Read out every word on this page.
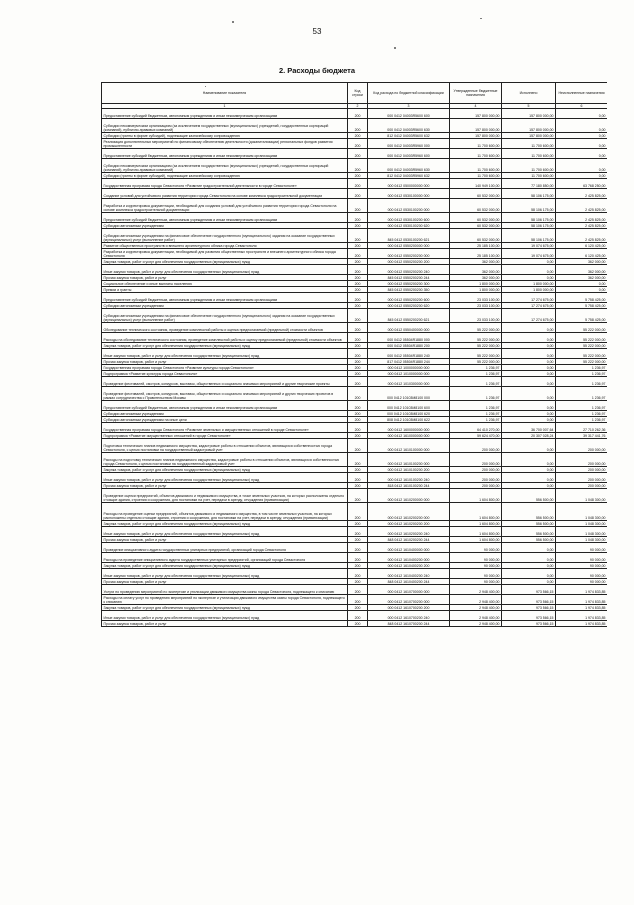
53
2. Расходы бюджета
Наименование показателя	Код строки	Код расхода по бюджетной классификации	Утвержденные бюджетные назначения	Исполнено	Неисполненные назначения
1	2	3	4	5	6
Предоставление субсидий бюджетным, автономным учреждениям и иным некоммерческим организациям	200	000 0412 04003R5600 600	157 800 000,00	157 800 000,00	0,00
Субсидии некоммерческим организациям (за исключением государственных (муниципальных) учреждений, государственных корпораций (компаний), публично-правовых компаний)	200	000 0412 04003R5600 630	157 800 000,00	157 800 000,00	0,00
Субсидии (гранты в форме субсидий), подлежащие казначейскому сопровождению	200	812 0412 04003R5600 632	157 800 000,00	157 800 000,00	0,00
Реализация дополнительных мероприятий по финансовому обеспечению деятельности (докапитализации) региональных фондов развития промышленности	200	000 0412 04003R5960 000	11 700 600,00	11 700 600,00	0,00
Предоставление субсидий бюджетным, автономным учреждениям и иным некоммерческим организациям	200	000 0412 04003R5960 600	11 700 600,00	11 700 600,00	0,00
Субсидии некоммерческим организациям (за исключением государственных (муниципальных) учреждений, государственных корпораций (компаний), публично-правовых компаний)	200	000 0412 04003R5960 630	11 700 600,00	11 700 600,00	0,00
Субсидии (гранты в форме субсидий), подлежащие казначейскому сопровождению	200	812 0412 04003R5960 632	11 700 600,00	11 700 600,00	0,00
Государственная программа города Севастополя «Развитие градостроительной деятельности в городе Севастополе»	200	000 0412 0500000000 000	140 949 100,00	77 180 850,00	63 768 250,00
Создание условий для устойчивого развития территории города Севастополя на основе комплекса градостроительной документации	200	000 0412 0530100000 000	60 532 000,00	58 106 175,00	2 425 825,00
Разработка и корректировка документации, необходимой для создания условий для устойчивого развития территории города Севастополя на основе комплекса градостроительной документации	200	000 0412 0530100200 000	60 532 000,00	58 106 175,00	2 425 825,00
Предоставление субсидий бюджетным, автономным учреждениям и иным некоммерческим организациям	200	000 0412 0530100200 600	60 532 000,00	58 106 175,00	2 425 825,00
Субсидии автономным учреждениям	200	000 0412 0530100200 620	60 532 000,00	58 106 175,00	2 425 825,00
Субсидии автономным учреждениям на финансовое обеспечение государственного (муниципального) задания на оказание государственных (муниципальных) услуг (выполнение работ)	200	845 0412 0530100200 621	60 532 000,00	58 106 175,00	2 425 825,00
Развитие общественных пространств и внешнего архитектурного облика города Севастополя	200	000 0412 0550200000 000	25 185 100,00	19 074 675,00	6 120 425,00
Разработка и корректировка документации, необходимой для развития общественных пространств и внешнего архитектурного облика города Севастополя	200	000 0412 0550200200 000	25 185 100,00	19 074 675,00	6 120 425,00
Закупка товаров, работ и услуг для обеспечения государственных (муниципальных) нужд	200	000 0412 0550200200 200	362 000,00	0,00	362 000,00
Иные закупки товаров, работ и услуг для обеспечения государственных (муниципальных) нужд	200	000 0412 0550200200 240	362 000,00	0,00	362 000,00
Прочая закупка товаров, работ и услуг	200	845 0412 0550200200 244	362 000,00	0,00	362 000,00
Социальное обеспечение и иные выплаты населению	200	000 0412 0550200200 300	1 800 000,00	1 800 000,00	0,00
Премии и гранты	200	845 0412 0550200200 350	1 800 000,00	1 800 000,00	0,00
Предоставление субсидий бюджетным, автономным учреждениям и иным некоммерческим организациям	200	000 0412 0550200200 600	23 033 100,00	17 274 675,00	5 758 425,00
Субсидии автономным учреждениям	200	000 0412 0550200200 620	23 033 100,00	17 274 675,00	5 758 425,00
Субсидии автономным учреждениям на финансовое обеспечение государственного (муниципального) задания на оказание государственных (муниципальных) услуг (выполнение работ)	200	845 0412 0550200200 621	23 033 100,00	17 274 675,00	5 758 425,00
Обследование технического состояния, проведение комплексной работы и оценка предполагаемой (предельной) стоимости объектов	200	000 0412 0550400000 000	55 222 000,00	0,00	55 222 000,00
Расходы на обследование технического состояния, проведение комплексной работы и оценку предполагаемой (предельной) стоимости объектов	200	000 0412 05504R1880 000	55 222 000,00	0,00	55 222 000,00
Закупка товаров, работ и услуг для обеспечения государственных (муниципальных) нужд	200	000 0412 05504R1880 200	55 222 000,00	0,00	55 222 000,00
Иные закупки товаров, работ и услуг для обеспечения государственных (муниципальных) нужд	200	000 0412 05504R1880 240	55 222 000,00	0,00	55 222 000,00
Прочая закупка товаров, работ и услуг	200	817 0412 05504R1880 244	55 222 000,00	0,00	55 222 000,00
Государственная программа города Севастополя «Развитие культуры города Севастополя»	200	000 0412 1000000000 000	1 236,97	0,00	1 236,97
Подпрограмма «Развитие культуры города Севастополя»	200	000 0412 1010000000 000	1 236,97	0,00	1 236,97
Проведение фестивалей, смотров, конкурсов, выставок, общественных и социально значимых мероприятий и другие творческие проекты	200	000 0412 1010300000 000	1 236,97	0,00	1 236,97
Проведение фестивалей, смотров, конкурсов, выставок, общественных и социально значимых мероприятий и других творческих проектов в рамках сотрудничества с Правительством Москвы	200	000 0412 10103M8100 000	1 236,97	0,00	1 236,97
Предоставление субсидий бюджетным, автономным учреждениям и иным некоммерческим организациям	200	000 0412 10103M8100 600	1 236,97	0,00	1 236,97
Субсидии автономным учреждениям	200	000 0412 10103M8100 620	1 236,97	0,00	1 236,97
Субсидии автономным учреждениям на иные цели	200	808 0412 10103M8100 622	1 236,97	0,00	1 236,97
Государственная программа города Севастополя «Развитие земельных и имущественных отношений в городе Севастополе»	200	000 0412 1600000000 000	64 410 270,00	36 700 007,64	27 710 262,36
Подпрограмма «Развитие имущественных отношений в городе Севастополе»	200	000 0412 1610000000 000	59 624 470,00	20 307 028,24	39 317 441,76
Подготовка технических планов недвижимого имущества, кадастровые работы в отношении объектов, являющихся собственностью города Севастополя, с целью постановки на государственный кадастровый учет	200	000 0412 1610100000 000	200 000,00	0,00	200 000,00
Расходы на подготовку технических планов недвижимого имущества, кадастровые работы в отношении объектов, являющихся собственностью города Севастополя, с целью постановки на государственный кадастровый учет	200	000 0412 1610100200 000	200 000,00	0,00	200 000,00
Закупка товаров, работ и услуг для обеспечения государственных (муниципальных) нужд	200	000 0412 1610100200 200	200 000,00	0,00	200 000,00
Иные закупки товаров, работ и услуг для обеспечения государственных (муниципальных) нужд	200	000 0412 1610100200 240	200 000,00	0,00	200 000,00
Прочая закупка товаров, работ и услуг	200	818 0412 1610100200 244	200 000,00	0,00	200 000,00
Проведение оценки предприятий, объектов движимого и недвижимого имущества, в точке земельных участков, на которых расположены отдельно стоящие здания, строения и сооружения, для постановки на учет, передачи в аренду, отчуждения (приватизации)	200	000 0412 1610200000 000	1 604 800,00	556 500,00	1 048 300,00
Расходы на проведение оценки предприятий, объектов движимого и недвижимого имущества, в том числе земельных участков, на которых расположены отдельно стоящие здания, строения и сооружения, для постановки на учет, передачи в аренду, отчуждения (приватизации)	200	000 0412 1610200200 000	1 604 800,00	556 500,00	1 048 300,00
Закупка товаров, работ и услуг для обеспечения государственных (муниципальных) нужд	200	000 0412 1610200200 200	1 604 800,00	556 500,00	1 048 300,00
Иные закупки товаров, работ и услуг для обеспечения государственных (муниципальных) нужд	200	000 0412 1610200200 240	1 604 800,00	556 500,00	1 048 300,00
Прочая закупка товаров, работ и услуг	200	848 0412 1610200200 244	1 604 800,00	556 500,00	1 048 300,00
Проведение инициативного аудита государственных унитарных предприятий, организаций города Севастополя	200	000 0412 1610400000 000	90 000,00	0,00	90 000,00
Расходы на проведение инициативного аудита государственных унитарных предприятий, организаций города Севастополя	200	000 0412 1610400200 000	90 000,00	0,00	90 000,00
Закупка товаров, работ и услуг для обеспечения государственных (муниципальных) нужд	200	000 0412 1610400200 200	90 000,00	0,00	90 000,00
Иные закупки товаров, работ и услуг для обеспечения государственных (муниципальных) нужд	200	000 0412 1610400200 240	90 000,00	0,00	90 000,00
Прочая закупка товаров, работ и услуг	200	848 0412 1610400200 244	90 000,00	0,00	90 000,00
Услуги по проведению мероприятий по экспертизе и утилизации движимого имущества казны города Севастополя, подлежащего к списанию	200	000 0412 1610700000 000	2 948 400,00	973 566,15	1 974 833,85
Расходы на оплату услуг по проведению мероприятий по экспертизе и утилизации движимого имущества казны города Севастополя, подлежащего к списанию	200	000 0412 1610700200 000	2 948 400,00	973 566,15	1 974 833,85
Закупка товаров, работ и услуг для обеспечения государственных (муниципальных) нужд	200	000 0412 1610700200 200	2 948 400,00	973 566,15	1 974 833,85
Иные закупки товаров, работ и услуг для обеспечения государственных (муниципальных) нужд	200	000 0412 1610700200 240	2 948 400,00	973 566,15	1 974 833,85
Прочая закупка товаров, работ и услуг	200	848 0412 1610700200 244	2 948 400,00	973 566,15	1 974 833,85
